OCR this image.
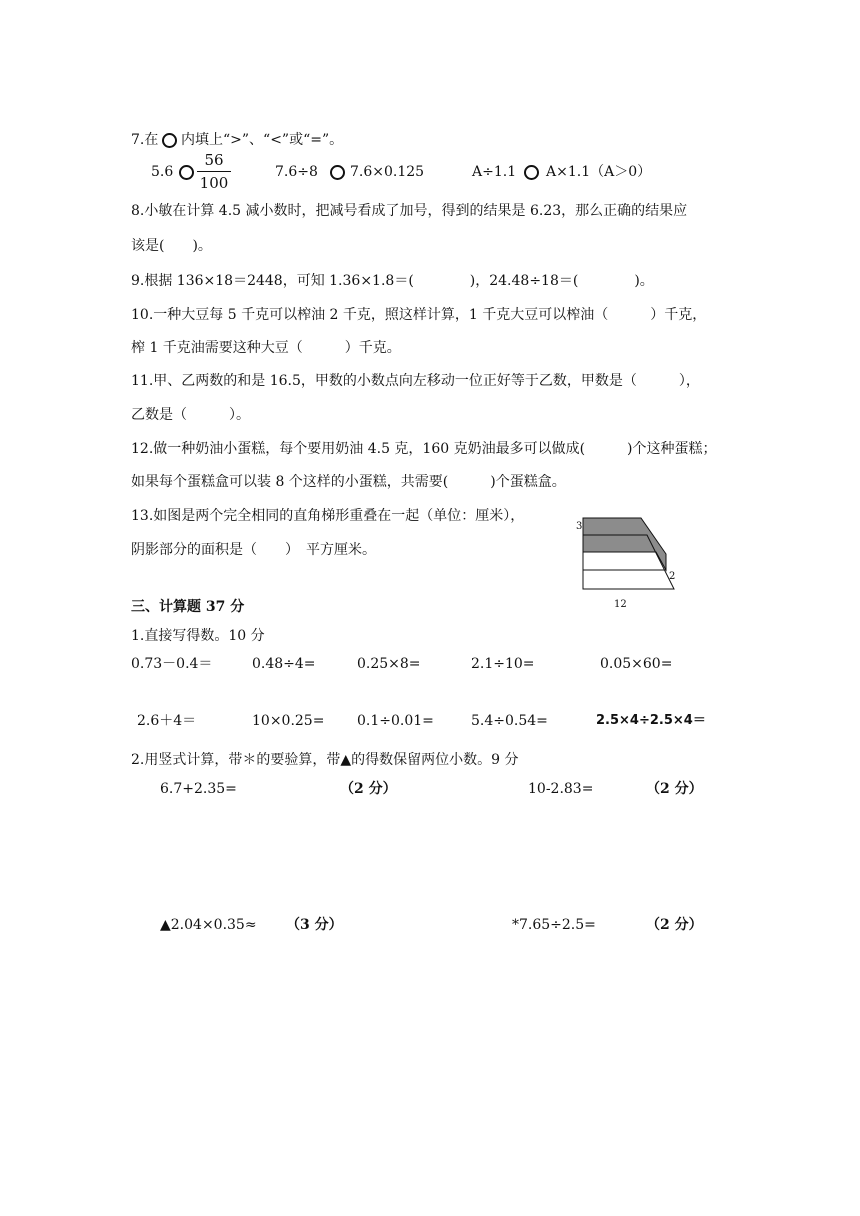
7.在 内填上“>”、“<”或“=”。
5.6
56
100
7.6÷8 7.6×0.125	A÷1.1 A×1.1（A＞0）
8.小敏在计算 4.5 减小数时，把减号看成了加号，得到的结果是 6.23，那么正确的结果应
该是(　　)。
9.根据 136×18＝2448，可知 1.36×1.8＝(　　　　)，24.48÷18＝(　　　　)。
10.一种大豆每 5 千克可以榨油 2 千克，照这样计算，1 千克大豆可以榨油（　　　）千克，
榨 1 千克油需要这种大豆（　　　）千克。
11.甲、乙两数的和是 16.5，甲数的小数点向左移动一位正好等于乙数，甲数是（　　　），
乙数是（　　　）。
12.做一种奶油小蛋糕，每个要用奶油 4.5 克，160 克奶油最多可以做成(　　　)个这种蛋糕；
如果每个蛋糕盒可以装 8 个这样的小蛋糕，共需要(　　　)个蛋糕盒。
13.如图是两个完全相同的直角梯形重叠在一起（单位：厘米），
阴影部分的面积是（　　）　平方厘米。
3
2
12
三、计算题 37 分
1.直接写得数。10 分
0.73－0.4＝	0.48÷4=	0.25×8=	2.1÷10=	0.05×60=
2.6＋4＝	10×0.25= 0.1÷0.01=	5.4÷0.54=	2.5×4÷2.5×4＝
2.用竖式计算，带＊的要验算，带▲的得数保留两位小数。9 分
6.7+2.35=	（2 分）	10-2.83=	（2 分）
▲2.04×0.35≈ （3 分）	*7.65÷2.5=	（2 分）
